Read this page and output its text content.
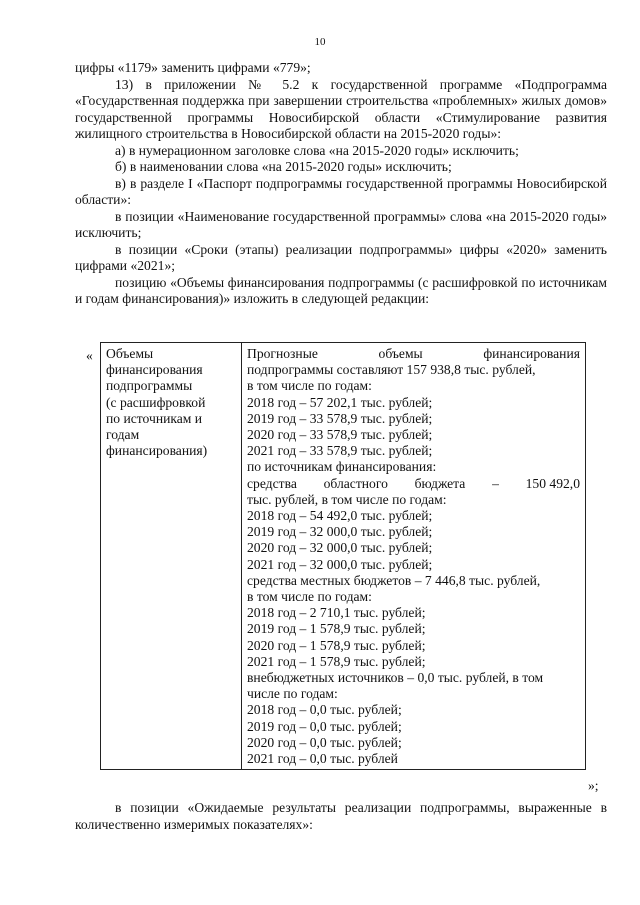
10

цифры «1179» заменить цифрами «779»;

13) в приложении № 5.2 к государственной программе «Подпрограмма «Государственная поддержка при завершении строительства «проблемных» жилых домов» государственной программы Новосибирской области «Стимулирование развития жилищного строительства в Новосибирской области на 2015-2020 годы»:

а) в нумерационном заголовке слова «на 2015-2020 годы» исключить;

б) в наименовании слова «на 2015-2020 годы» исключить;

в) в разделе I «Паспорт подпрограммы государственной программы Новосибирской области»:

в позиции «Наименование государственной программы» слова «на 2015-2020 годы» исключить;

в позиции «Сроки (этапы) реализации подпрограммы» цифры «2020» заменить цифрами «2021»;

позицию «Объемы финансирования подпрограммы (с расшифровкой по источникам и годам финансирования)» изложить в следующей редакции:

« Объемы
финансирования
подпрограммы
(с расшифровкой
по источникам и
годам
финансирования)

Прогнозные	объемы	финансирования
подпрограммы составляют 157 938,8 тыс. рублей,
в том числе по годам:
2018 год – 57 202,1 тыс. рублей;
2019 год – 33 578,9 тыс. рублей;
2020 год – 33 578,9 тыс. рублей;
2021 год – 33 578,9 тыс. рублей;
по источникам финансирования:
средства областного бюджета – 150 492,0
тыс. рублей, в том числе по годам:
2018 год – 54 492,0 тыс. рублей;
2019 год – 32 000,0 тыс. рублей;
2020 год – 32 000,0 тыс. рублей;
2021 год – 32 000,0 тыс. рублей;
средства местных бюджетов – 7 446,8 тыс. рублей,
в том числе по годам:
2018 год – 2 710,1 тыс. рублей;
2019 год – 1 578,9 тыс. рублей;
2020 год – 1 578,9 тыс. рублей;
2021 год – 1 578,9 тыс. рублей;
внебюджетных источников – 0,0 тыс. рублей, в том
числе по годам:
2018 год – 0,0 тыс. рублей;
2019 год – 0,0 тыс. рублей;
2020 год – 0,0 тыс. рублей;
2021 год – 0,0 тыс. рублей
»;

в позиции «Ожидаемые результаты реализации подпрограммы, выраженные в количественно измеримых показателях»:
